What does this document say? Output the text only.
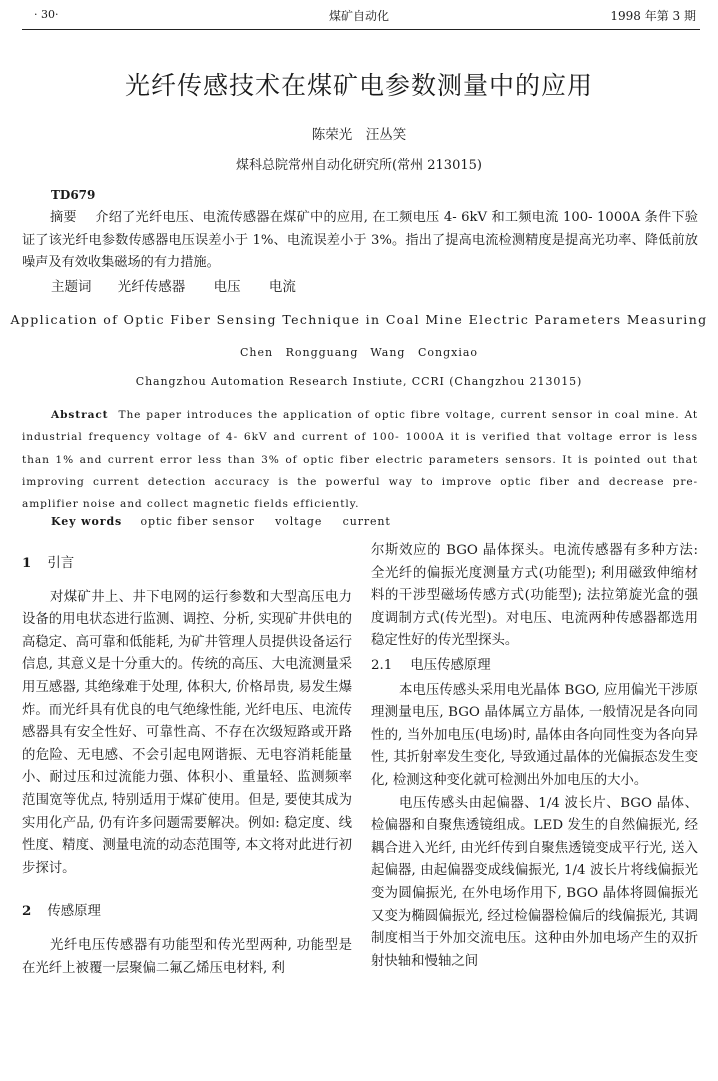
· 30·	煤矿自动化	1998 年第 3 期
光纤传感技术在煤矿电参数测量中的应用
陈荣光　汪丛笑
煤科总院常州自动化研究所(常州 213015)
TD679
摘要 介绍了光纤电压、电流传感器在煤矿中的应用, 在工频电压 4- 6kV 和工频电流 100- 1000A 条件下验证了该光纤电参数传感器电压误差小于 1%、电流误差小于 3%。指出了提高电流检测精度是提高光功率、降低前放噪声及有效收集磁场的有力措施。
主题词 光纤传感器 电压 电流
Application of Optic Fiber Sensing Technique in Coal Mine Electric Parameters Measuring
Chen Rongguang　Wang Congxiao
Changzhou Automation Research Instiute, CCRI (Changzhou 213015)
Abstract The paper introduces the application of optic fibre voltage, current sensor in coal mine. At industrial frequency voltage of 4- 6kV and current of 100- 1000A it is verified that voltage error is less than 1% and current error less than 3% of optic fiber electric parameters sensors. It is pointed out that improving current detection accuracy is the powerful way to improve optic fiber and decrease pre-amplifier noise and collect magnetic fields efficiently.
Key words optic fiber sensor voltage current
1 引言

对煤矿井上、井下电网的运行参数和大型高压电力设备的用电状态进行监测、调控、分析, 实现矿井供电的高稳定、高可靠和低能耗, 为矿井管理人员提供设备运行信息, 其意义是十分重大的。传统的高压、大电流测量采用互感器, 其绝缘难于处理, 体积大, 价格昂贵, 易发生爆炸。而光纤具有优良的电气绝缘性能, 光纤电压、电流传感器具有安全性好、可靠性高、不存在次级短路或开路的危险、无电感、不会引起电网谐振、无电容消耗能量小、耐过压和过流能力强、体积小、重量轻、监测频率范围宽等优点, 特别适用于煤矿使用。但是, 要使其成为实用化产品, 仍有许多问题需要解决。例如: 稳定度、线性度、精度、测量电流的动态范围等, 本文将对此进行初步探讨。

2 传感原理

光纤电压传感器有功能型和传光型两种, 功能型是在光纤上被覆一层聚偏二氟乙烯压电材料, 利

尔斯效应的 BGO 晶体探头。电流传感器有多种方法: 全光纤的偏振光度测量方式(功能型); 利用磁致伸缩材料的干涉型磁场传感方式(功能型); 法拉第旋光盒的强度调制方式(传光型)。对电压、电流两种传感器都选用稳定性好的传光型探头。

2.1 电压传感原理

本电压传感头采用电光晶体 BGO, 应用偏光干涉原理测量电压, BGO 晶体属立方晶体, 一般情况是各向同性的, 当外加电压(电场)时, 晶体由各向同性变为各向异性, 其折射率发生变化, 导致通过晶体的光偏振态发生变化, 检测这种变化就可检测出外加电压的大小。

电压传感头由起偏器、1/4 波长片、BGO 晶体、检偏器和自聚焦透镜组成。LED 发生的自然偏振光, 经耦合进入光纤, 由光纤传到自聚焦透镜变成平行光, 送入起偏器, 由起偏器变成线偏振光, 1/4 波长片将线偏振光变为圆偏振光, 在外电场作用下, BGO 晶体将圆偏振光又变为椭圆偏振光, 经过检偏器检偏后的线偏振光, 其调制度相当于外加交流电压。这种由外加电场产生的双折射快轴和慢轴之间
